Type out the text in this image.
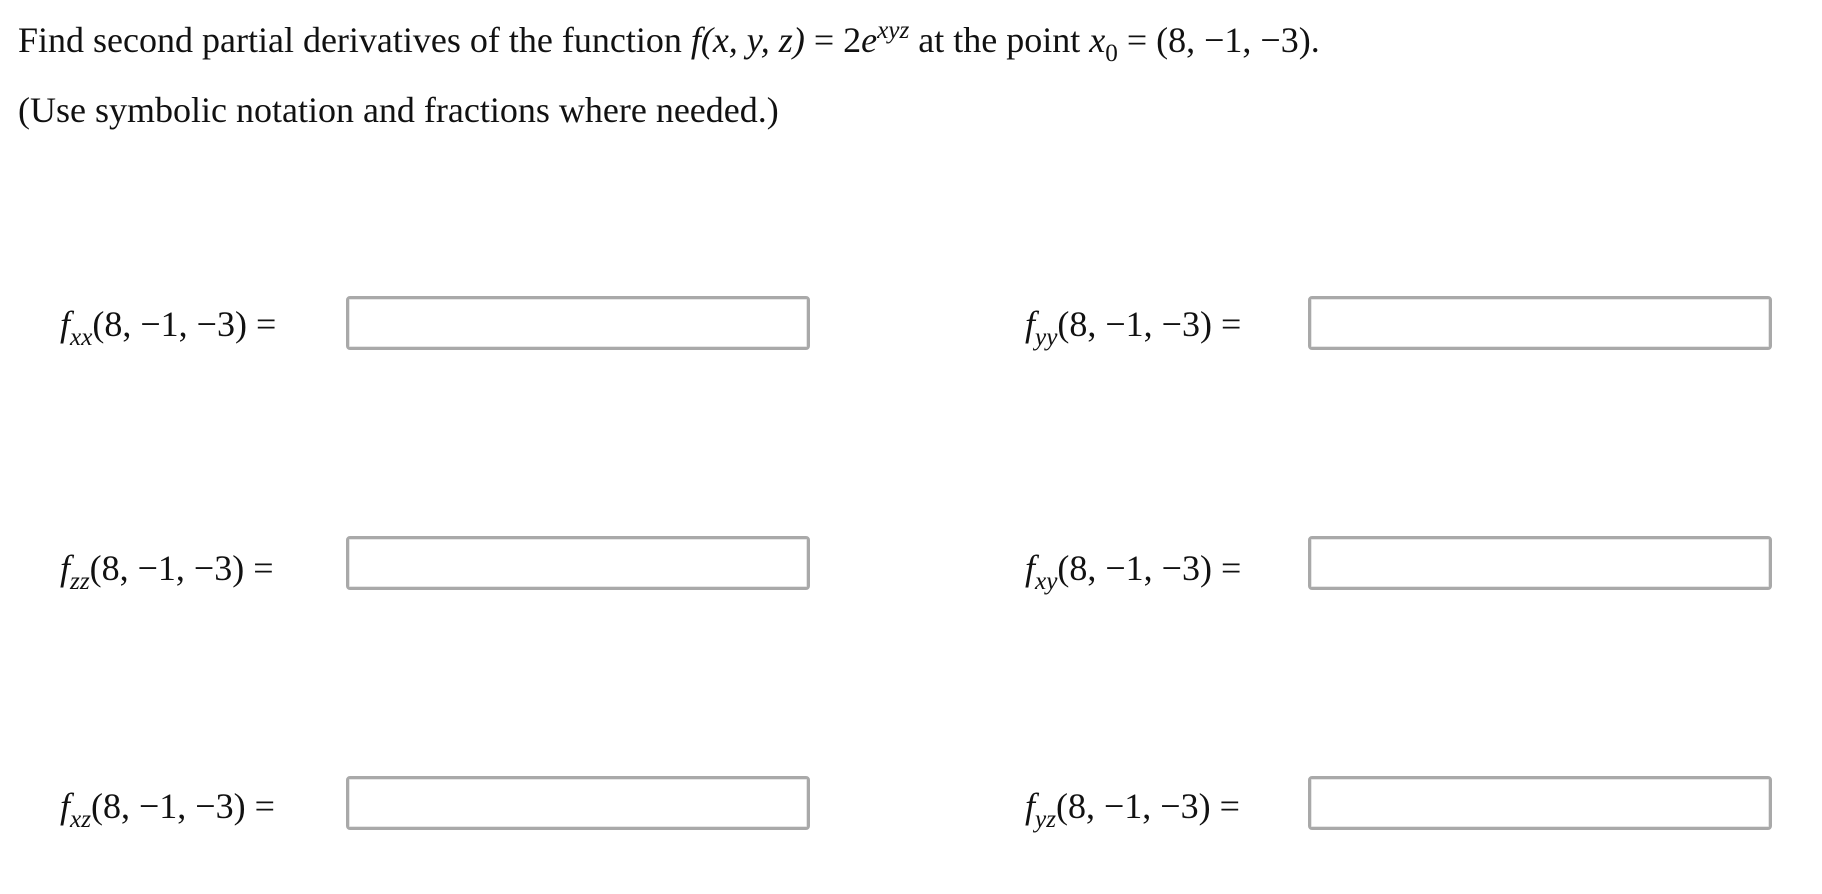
Find second partial derivatives of the function f(x, y, $z) = 2e^{xyz}$ at the point $x_0 = (8$, −1, −3).
(Use symbolic notation and fractions where needed.)
$f_{xx}(8$, −1, −3) =	$f_{yy}(8$, −1, −3) =
$f_{zz}(8$, −1, −3) =	$f_{xy}(8$, −1, −3) =
$f_{xz}(8$, −1, −3) =	$f_{yz}(8$, −1, −3) =
